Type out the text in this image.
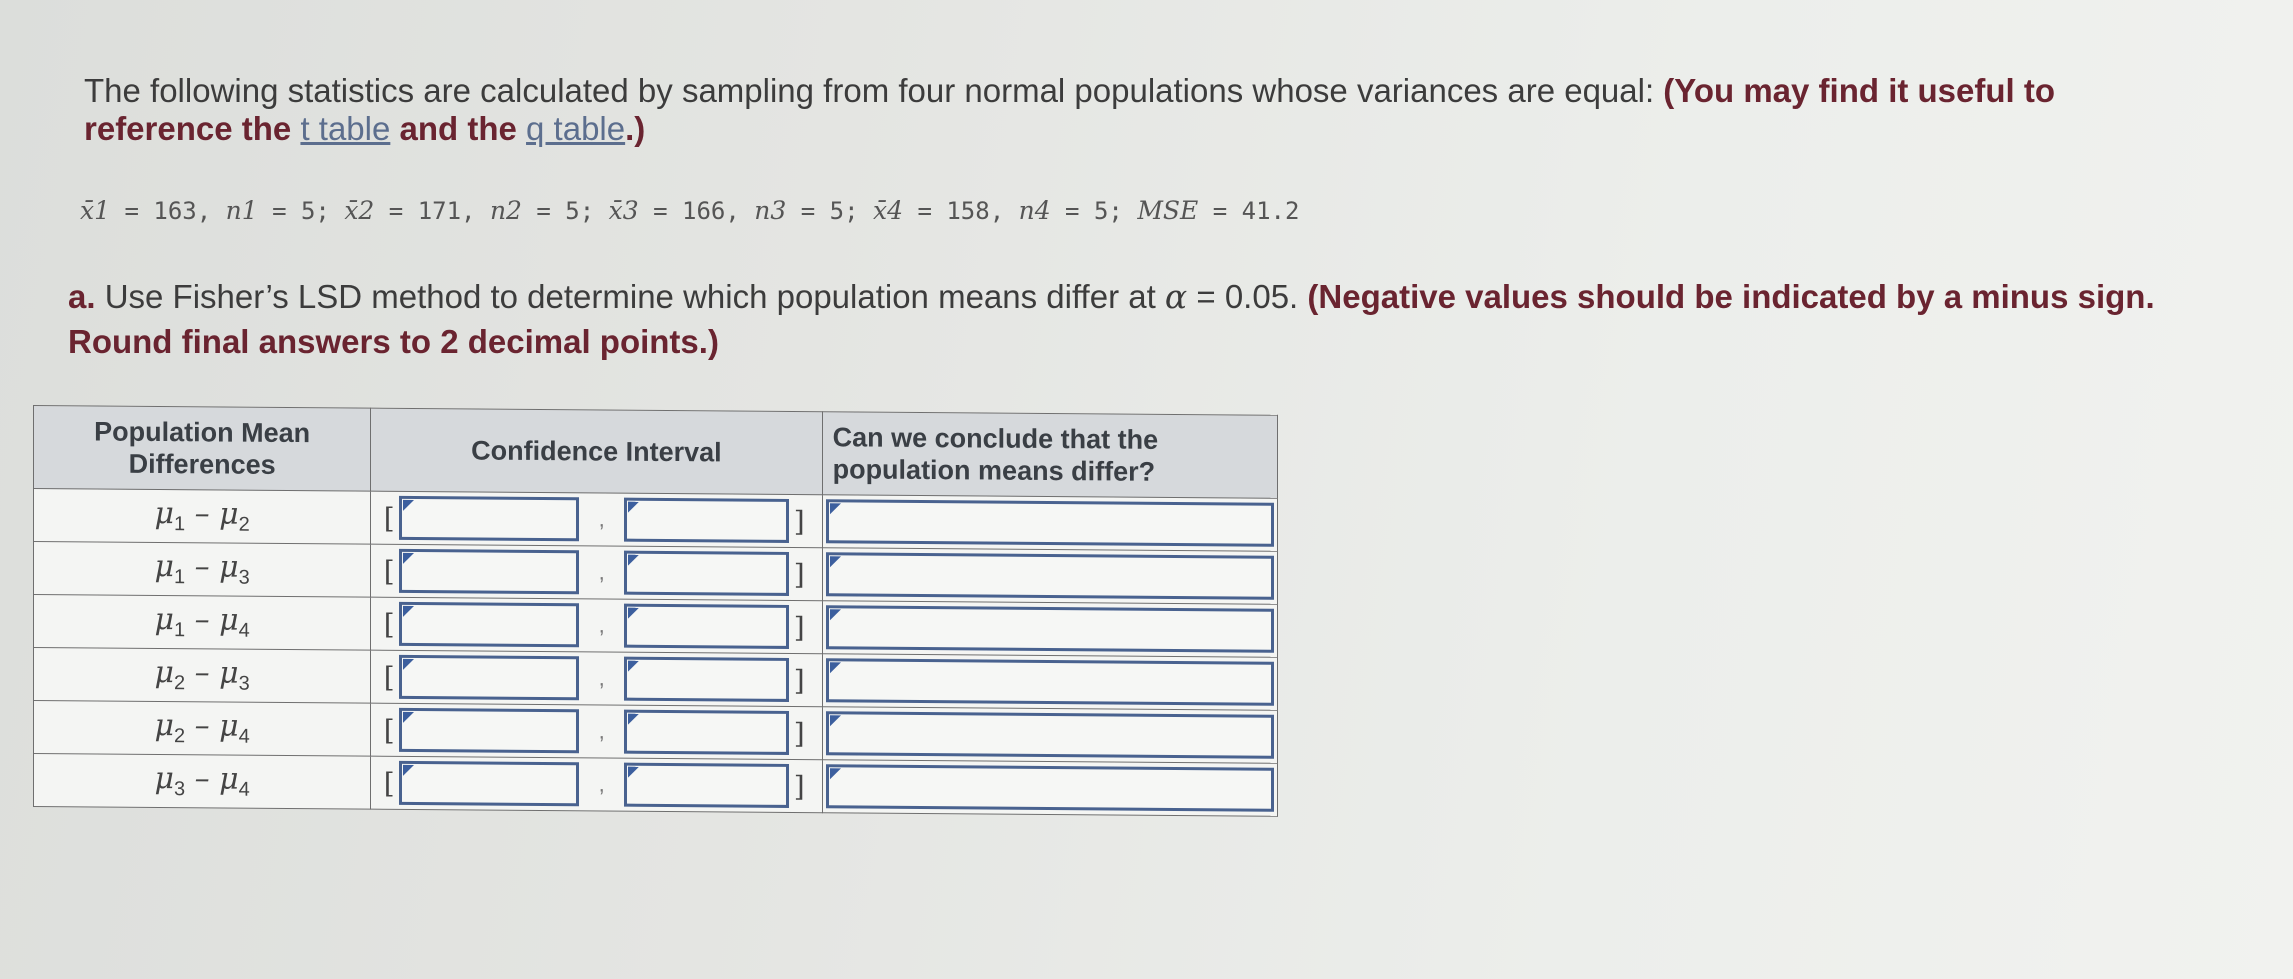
The following statistics are calculated by sampling from four normal populations whose variances are equal: (You may find it useful to reference the t table and the q table.)
x̄1 = 163, n1 = 5; x̄2 = 171, n2 = 5; x̄3 = 166, n3 = 5; x̄4 = 158, n4 = 5; MSE = 41.2
a. Use Fisher’s LSD method to determine which population means differ at α = 0.05. (Negative values should be indicated by a minus sign. Round final answers to 2 decimal points.)
Population Mean Differences	Confidence Interval	Can we conclude that the population means differ?
$\mu_1 - \mu_2$	[ , ]	

$\mu_1 - \mu_3$	[ , ]	

$\mu_1 - \mu_4$	[ , ]	

$\mu_2 - \mu_3$	[ , ]	

$\mu_2 - \mu_4$	[ , ]	

$\mu_3 - \mu_4$	[ , ]	
